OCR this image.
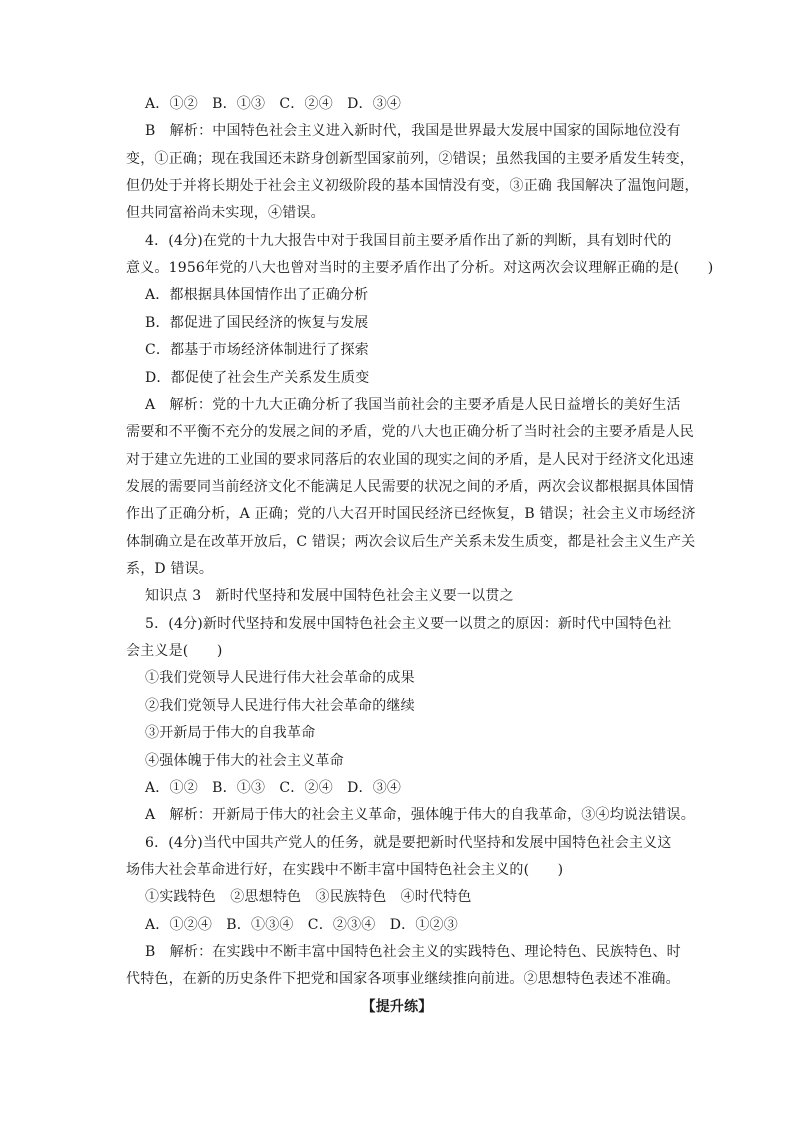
A．①②　B．①③　C．②④　D．③④
B　解析：中国特色社会主义进入新时代，我国是世界最大发展中国家的国际地位没有
变，①正确；现在我国还未跻身创新型国家前列，②错误；虽然我国的主要矛盾发生转变，
但仍处于并将长期处于社会主义初级阶段的基本国情没有变，③正确 我国解决了温饱问题，
但共同富裕尚未实现，④错误。
4．(4分)在党的十九大报告中对于我国目前主要矛盾作出了新的判断，具有划时代的
意义。1956年党的八大也曾对当时的主要矛盾作出了分析。对这两次会议理解正确的是(　　)
A．都根据具体国情作出了正确分析
B．都促进了国民经济的恢复与发展
C．都基于市场经济体制进行了探索
D．都促使了社会生产关系发生质变
A　解析：党的十九大正确分析了我国当前社会的主要矛盾是人民日益增长的美好生活
需要和不平衡不充分的发展之间的矛盾，党的八大也正确分析了当时社会的主要矛盾是人民
对于建立先进的工业国的要求同落后的农业国的现实之间的矛盾，是人民对于经济文化迅速
发展的需要同当前经济文化不能满足人民需要的状况之间的矛盾，两次会议都根据具体国情
作出了正确分析，A 正确；党的八大召开时国民经济已经恢复，B 错误；社会主义市场经济
体制确立是在改革开放后，C 错误；两次会议后生产关系未发生质变，都是社会主义生产关
系，D 错误。
知识点 3　新时代坚持和发展中国特色社会主义要一以贯之
5．(4分)新时代坚持和发展中国特色社会主义要一以贯之的原因：新时代中国特色社
会主义是(　　)
①我们党领导人民进行伟大社会革命的成果
②我们党领导人民进行伟大社会革命的继续
③开新局于伟大的自我革命
④强体魄于伟大的社会主义革命
A．①②　B．①③　C．②④　D．③④
A　解析：开新局于伟大的社会主义革命，强体魄于伟大的自我革命，③④均说法错误。
6．(4分)当代中国共产党人的任务，就是要把新时代坚持和发展中国特色社会主义这
场伟大社会革命进行好，在实践中不断丰富中国特色社会主义的(　　)
①实践特色　②思想特色　③民族特色　④时代特色
A．①②④　B．①③④　C．②③④　D．①②③
B　解析：在实践中不断丰富中国特色社会主义的实践特色、理论特色、民族特色、时
代特色，在新的历史条件下把党和国家各项事业继续推向前进。②思想特色表述不准确。
【提升练】
